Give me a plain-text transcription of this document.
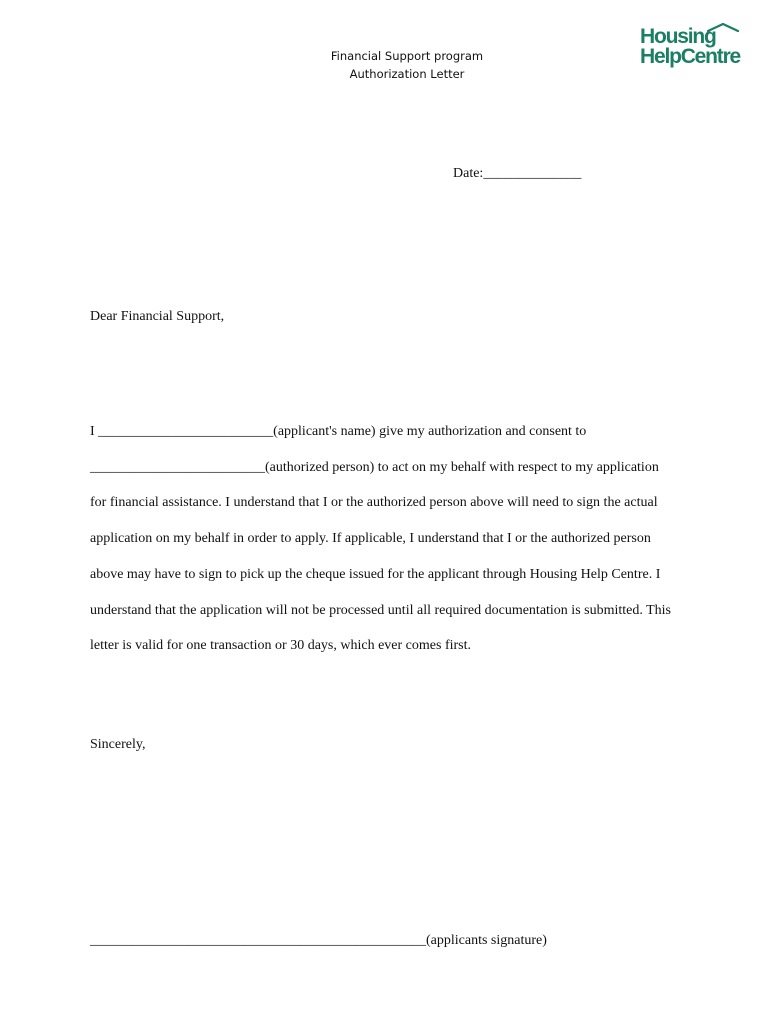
Financial Support program
Authorization Letter
Housing
HelpCentre
Date:______________
Dear Financial Support,
I _________________________(applicant's name) give my authorization and consent to
_________________________(authorized person) to act on my behalf with respect to my application
for financial assistance. I understand that I or the authorized person above will need to sign the actual
application on my behalf in order to apply. If applicable, I understand that I or the authorized person
above may have to sign to pick up the cheque issued for the applicant through Housing Help Centre. I
understand that the application will not be processed until all required documentation is submitted. This
letter is valid for one transaction or 30 days, which ever comes first.
Sincerely,
________________________________________________(applicants signature)
